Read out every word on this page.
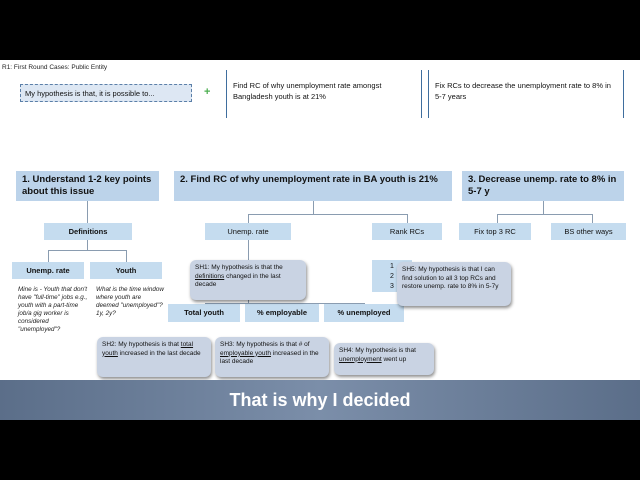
R1: First Round Cases: Public Entity
My hypothesis is that, it is possible to...	+
Find RC of why unemployment rate amongst Bangladesh youth is at 21%
Fix RCs to decrease the unemployment rate to 8% in 5-7 years
1. Understand 1-2 key points about this issue
Definitions
Unemp. rate	Youth
Mine is - Youth that don't have "full-time" jobs e.g., youth with a part-time job/a gig worker is considered "unemployed"?
What is the time window where youth are deemed "unemployed"? 1y, 2y?
2. Find RC of why unemployment rate in BA youth is 21%
Unemp. rate	Rank RCs
1
2
3
Total youth	% employable	% unemployed
3. Decrease unemp. rate to 8% in 5-7 y
Fix top 3 RC	BS other ways
SH1: My hypothesis is that the definitions changed in the last decade
SH2: My hypothesis is that total youth increased in the last decade
SH3: My hypothesis is that # of employable youth increased in the last decade
SH4: My hypothesis is that unemployment went up
SH5: My hypothesis is that I can find solution to all 3 top RCs and restore unemp. rate to 8% in 5-7y
That is why I decided
